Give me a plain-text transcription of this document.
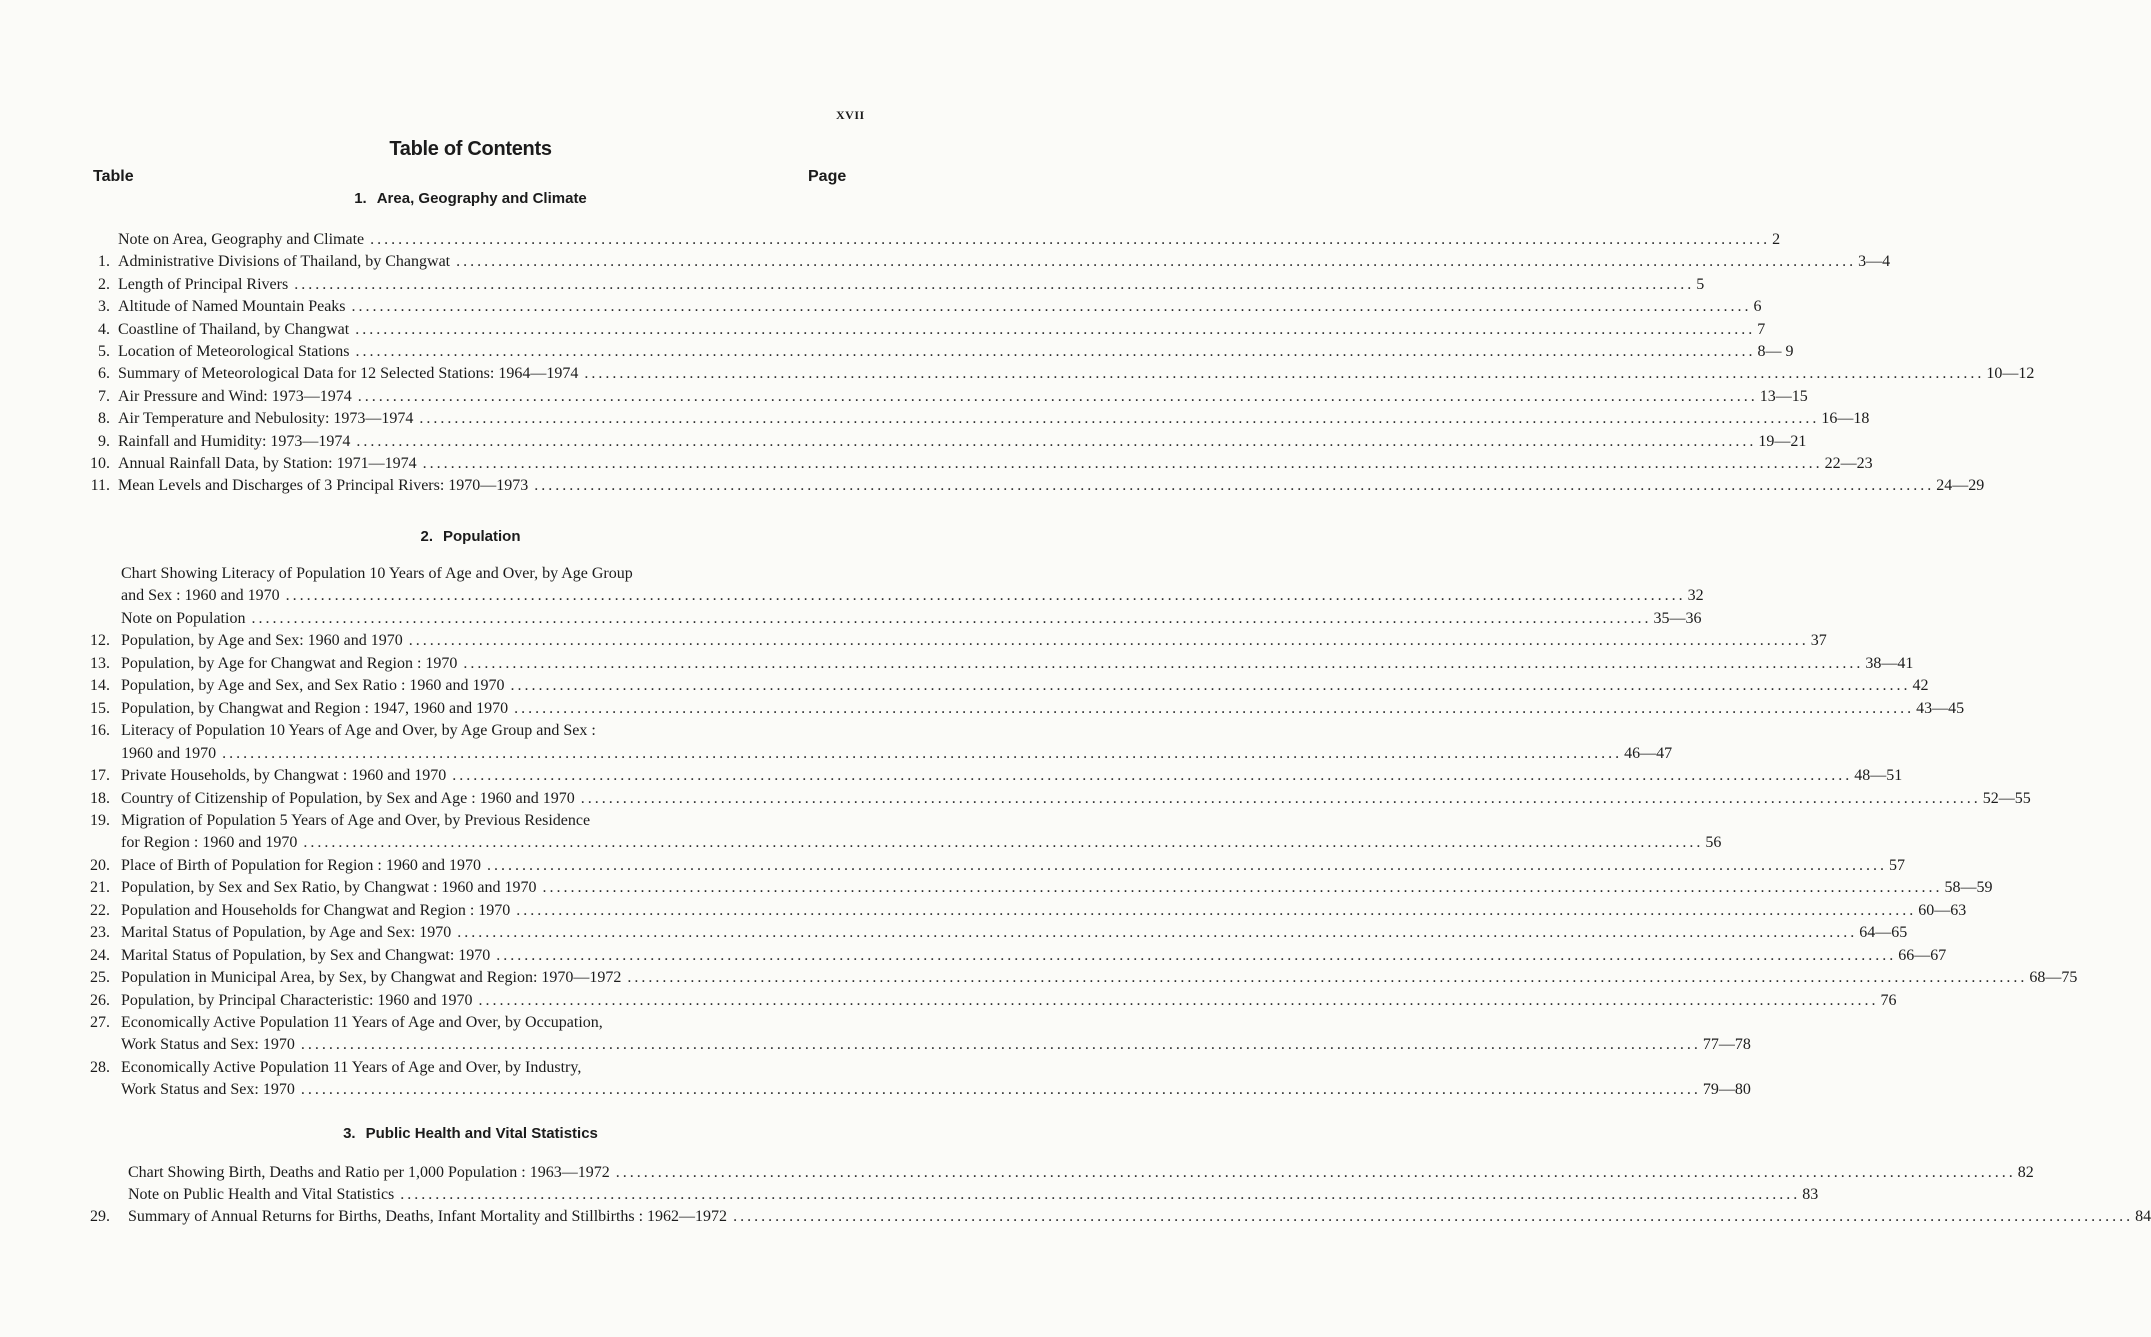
XVII
Table of Contents
Table	Page
1. Area, Geography and Climate
Note on Area, Geography and Climate ........................................................................................................................................................................................................ 2
1. Administrative Divisions of Thailand, by Changwat ........................................................................................................................................................................................................ 3—4
2. Length of Principal Rivers ........................................................................................................................................................................................................ 5
3. Altitude of Named Mountain Peaks ........................................................................................................................................................................................................ 6
4. Coastline of Thailand, by Changwat ........................................................................................................................................................................................................ 7
5. Location of Meteorological Stations ........................................................................................................................................................................................................ 8— 9
6. Summary of Meteorological Data for 12 Selected Stations: 1964—1974 ........................................................................................................................................................................................................ 10—12
7. Air Pressure and Wind: 1973—1974 ........................................................................................................................................................................................................ 13—15
8. Air Temperature and Nebulosity: 1973—1974 ........................................................................................................................................................................................................ 16—18
9. Rainfall and Humidity: 1973—1974 ........................................................................................................................................................................................................ 19—21
10. Annual Rainfall Data, by Station: 1971—1974 ........................................................................................................................................................................................................ 22—23
11. Mean Levels and Discharges of 3 Principal Rivers: 1970—1973 ........................................................................................................................................................................................................ 24—29
2. Population
Chart Showing Literacy of Population 10 Years of Age and Over, by Age Group
and Sex : 1960 and 1970 ........................................................................................................................................................................................................ 32
Note on Population ........................................................................................................................................................................................................ 35—36
12. Population, by Age and Sex: 1960 and 1970 ........................................................................................................................................................................................................ 37
13. Population, by Age for Changwat and Region : 1970 ........................................................................................................................................................................................................ 38—41
14. Population, by Age and Sex, and Sex Ratio : 1960 and 1970 ........................................................................................................................................................................................................ 42
15. Population, by Changwat and Region : 1947, 1960 and 1970 ........................................................................................................................................................................................................ 43—45
16. Literacy of Population 10 Years of Age and Over, by Age Group and Sex :
1960 and 1970 ........................................................................................................................................................................................................ 46—47
17. Private Households, by Changwat : 1960 and 1970 ........................................................................................................................................................................................................ 48—51
18. Country of Citizenship of Population, by Sex and Age : 1960 and 1970 ........................................................................................................................................................................................................ 52—55
19. Migration of Population 5 Years of Age and Over, by Previous Residence
for Region : 1960 and 1970 ........................................................................................................................................................................................................ 56
20. Place of Birth of Population for Region : 1960 and 1970 ........................................................................................................................................................................................................ 57
21. Population, by Sex and Sex Ratio, by Changwat : 1960 and 1970 ........................................................................................................................................................................................................ 58—59
22. Population and Households for Changwat and Region : 1970 ........................................................................................................................................................................................................ 60—63
23. Marital Status of Population, by Age and Sex: 1970 ........................................................................................................................................................................................................ 64—65
24. Marital Status of Population, by Sex and Changwat: 1970 ........................................................................................................................................................................................................ 66—67
25. Population in Municipal Area, by Sex, by Changwat and Region: 1970—1972 ........................................................................................................................................................................................................ 68—75
26. Population, by Principal Characteristic: 1960 and 1970 ........................................................................................................................................................................................................ 76
27. Economically Active Population 11 Years of Age and Over, by Occupation,
Work Status and Sex: 1970 ........................................................................................................................................................................................................ 77—78
28. Economically Active Population 11 Years of Age and Over, by Industry,
Work Status and Sex: 1970 ........................................................................................................................................................................................................ 79—80
3. Public Health and Vital Statistics
Chart Showing Birth, Deaths and Ratio per 1,000 Population : 1963—1972 ........................................................................................................................................................................................................ 82
Note on Public Health and Vital Statistics ........................................................................................................................................................................................................ 83
29. Summary of Annual Returns for Births, Deaths, Infant Mortality and Stillbirths : 1962—1972 ........................................................................................................................................................................................................ 84
